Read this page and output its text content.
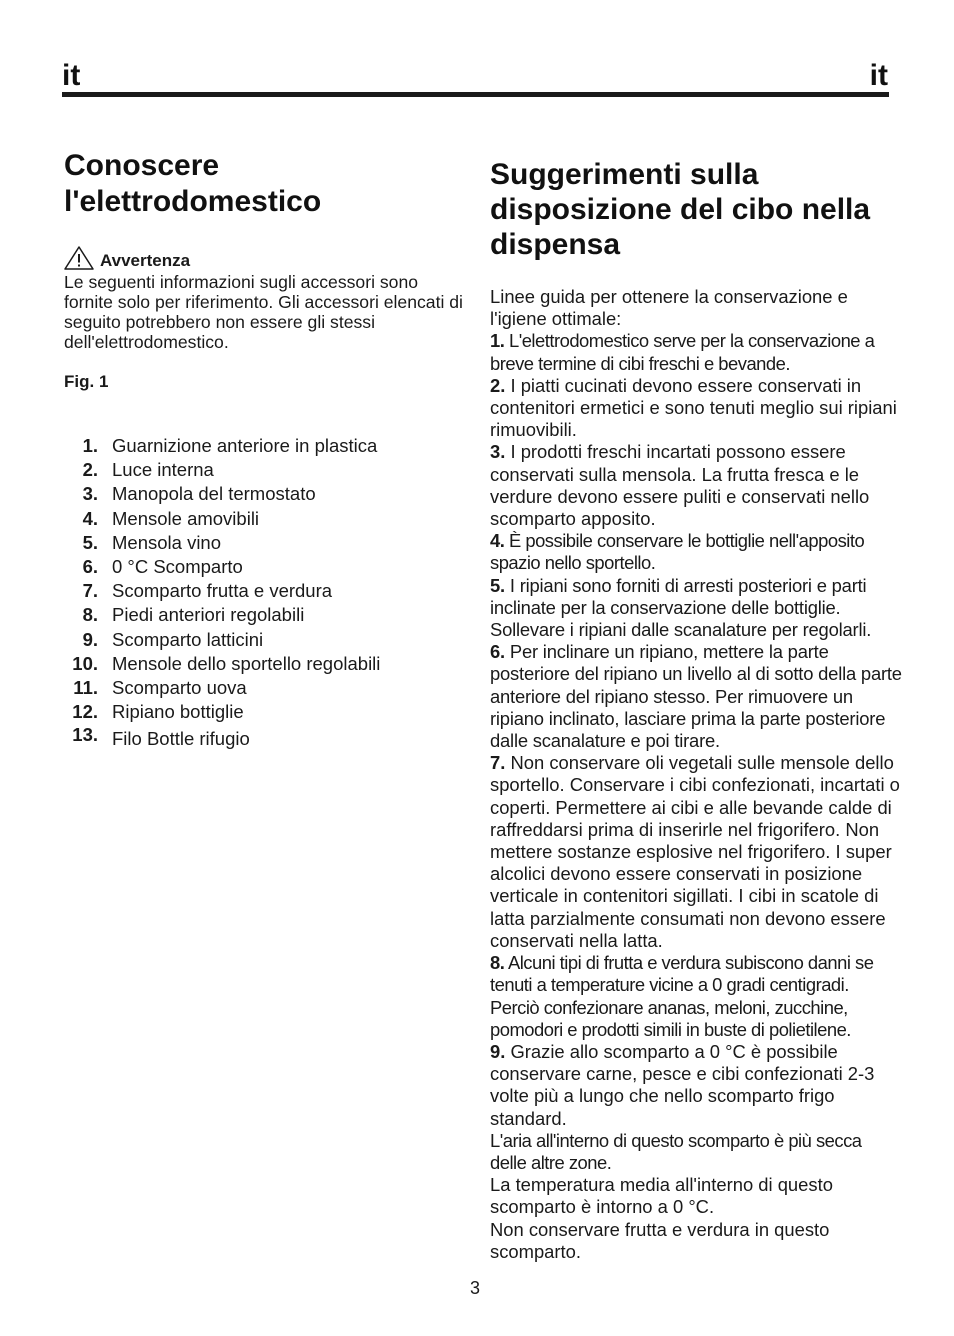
it	it
Conoscere
l'elettrodomestico
Avvertenza
Le seguenti informazioni sugli accessori sono fornite solo per riferimento. Gli accessori elencati di seguito potrebbero non essere gli stessi dell'elettrodomestico.
Fig. 1
1. Guarnizione anteriore in plastica
2. Luce interna
3. Manopola del termostato
4. Mensole amovibili
5. Mensola vino
6. 0 °C Scomparto
7. Scomparto frutta e verdura
8. Piedi anteriori regolabili
9. Scomparto latticini
10. Mensole dello sportello regolabili
11. Scomparto uova
12. Ripiano bottiglie
13. Filo Bottle rifugio
Suggerimenti sulla
disposizione del cibo nella
dispensa
Linee guida per ottenere la conservazione e l'igiene ottimale:
1. L'elettrodomestico serve per la conservazione a breve termine di cibi freschi e bevande.
2. I piatti cucinati devono essere conservati in contenitori ermetici e sono tenuti meglio sui ripiani rimuovibili.
3. I prodotti freschi incartati possono essere conservati sulla mensola. La frutta fresca e le verdure devono essere puliti e conservati nello scomparto apposito.
4. È possibile conservare le bottiglie nell'apposito spazio nello sportello.
5. I ripiani sono forniti di arresti posteriori e parti inclinate per la conservazione delle bottiglie. Sollevare i ripiani dalle scanalature per regolarli.
6. Per inclinare un ripiano, mettere la parte posteriore del ripiano un livello al di sotto della parte anteriore del ripiano stesso. Per rimuovere un ripiano inclinato, lasciare prima la parte posteriore dalle scanalature e poi tirare.
7. Non conservare oli vegetali sulle mensole dello sportello. Conservare i cibi confezionati, incartati o coperti. Permettere ai cibi e alle bevande calde di raffreddarsi prima di inserirle nel frigorifero. Non mettere sostanze esplosive nel frigorifero. I super alcolici devono essere conservati in posizione verticale in contenitori sigillati. I cibi in scatole di latta parzialmente consumati non devono essere conservati nella latta.
8. Alcuni tipi di frutta e verdura subiscono danni se tenuti a temperature vicine a 0 gradi centigradi. Perciò confezionare ananas, meloni, zucchine, pomodori e prodotti simili in buste di polietilene.
9. Grazie allo scomparto a 0 °C è possibile conservare carne, pesce e cibi confezionati 2-3 volte più a lungo che nello scomparto frigo standard.
L'aria all'interno di questo scomparto è più secca delle altre zone.
La temperatura media all'interno di questo scomparto è intorno a 0 °C.
Non conservare frutta e verdura in questo scomparto.
3
